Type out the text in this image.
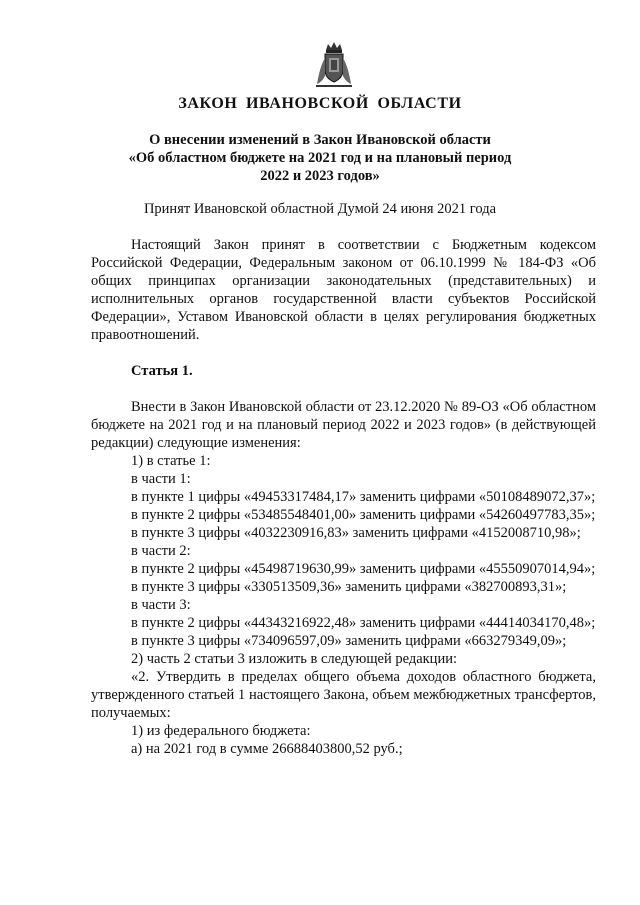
ЗАКОН ИВАНОВСКОЙ ОБЛАСТИ
О внесении изменений в Закон Ивановской области
«Об областном бюджете на 2021 год и на плановый период
2022 и 2023 годов»
Принят Ивановской областной Думой 24 июня 2021 года

Настоящий Закон принят в соответствии с Бюджетным кодексом Российской Федерации, Федеральным законом от 06.10.1999 № 184-ФЗ «Об общих принципах организации законодательных (представительных) и исполнительных органов государственной власти субъектов Российской Федерации», Уставом Ивановской области в целях регулирования бюджетных правоотношений.

Статья 1.

Внести в Закон Ивановской области от 23.12.2020 № 89-ОЗ «Об областном бюджете на 2021 год и на плановый период 2022 и 2023 годов» (в действующей редакции) следующие изменения:

1) в статье 1:

в части 1:

в пункте 1 цифры «49453317484,17» заменить цифрами «50108489072,37»;

в пункте 2 цифры «53485548401,00» заменить цифрами «54260497783,35»;

в пункте 3 цифры «4032230916,83» заменить цифрами «4152008710,98»;

в части 2:

в пункте 2 цифры «45498719630,99» заменить цифрами «45550907014,94»;

в пункте 3 цифры «330513509,36» заменить цифрами «382700893,31»;

в части 3:

в пункте 2 цифры «44343216922,48» заменить цифрами «44414034170,48»;

в пункте 3 цифры «734096597,09» заменить цифрами «663279349,09»;

2) часть 2 статьи 3 изложить в следующей редакции:

«2. Утвердить в пределах общего объема доходов областного бюджета, утвержденного статьей 1 настоящего Закона, объем межбюджетных трансфертов, получаемых:

1) из федерального бюджета:

а) на 2021 год в сумме 26688403800,52 руб.;
